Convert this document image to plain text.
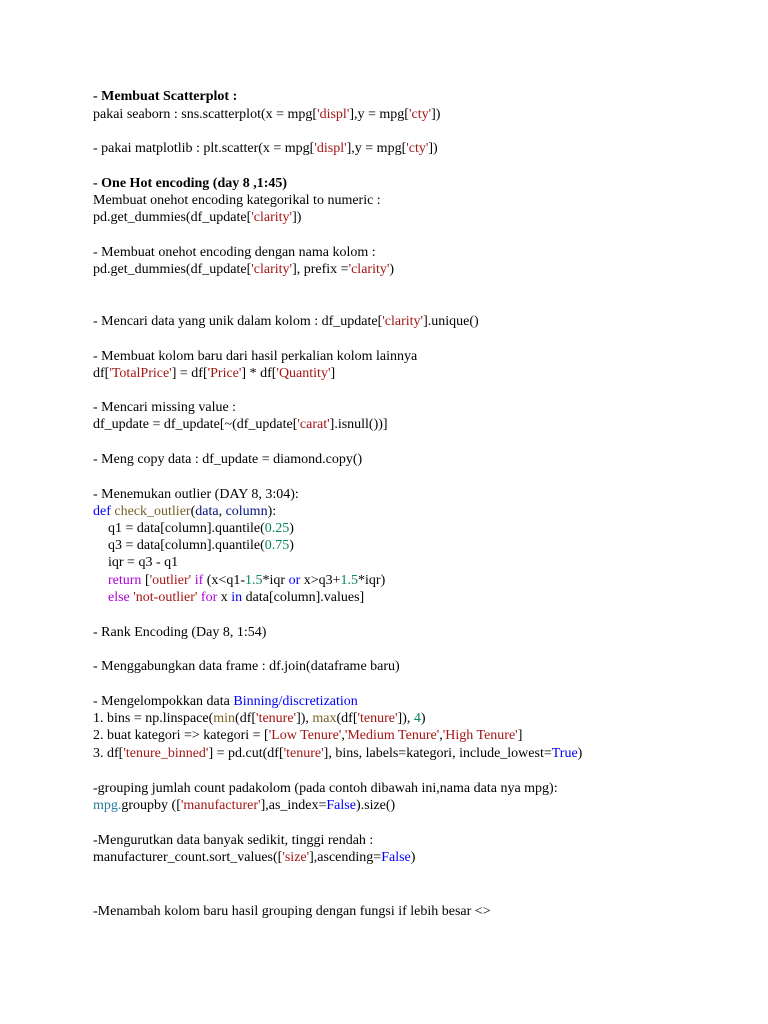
- Membuat Scatterplot :
pakai seaborn : sns.scatterplot(x = mpg['displ'],y = mpg['cty'])
- pakai matplotlib : plt.scatter(x = mpg['displ'],y = mpg['cty'])
- One Hot encoding (day 8 ,1:45)
Membuat onehot encoding kategorikal to numeric :
pd.get_dummies(df_update['clarity'])
- Membuat onehot encoding dengan nama kolom :
pd.get_dummies(df_update['clarity'], prefix ='clarity')
- Mencari data yang unik dalam kolom : df_update['clarity'].unique()
- Membuat kolom baru dari hasil perkalian kolom lainnya
df['TotalPrice'] = df['Price'] * df['Quantity']
- Mencari missing value :
df_update = df_update[~(df_update['carat'].isnull())]
- Meng copy data : df_update = diamond.copy()
- Menemukan outlier (DAY 8, 3:04):
def check_outlier(data, column):
q1 = data[column].quantile(0.25)
q3 = data[column].quantile(0.75)
iqr = q3 - q1
return ['outlier' if (x<q1-1.5*iqr or x>q3+1.5*iqr)
else 'not-outlier' for x in data[column].values]
- Rank Encoding (Day 8, 1:54)
- Menggabungkan data frame : df.join(dataframe baru)
- Mengelompokkan data Binning/discretization
1. bins = np.linspace(min(df['tenure']), max(df['tenure']), 4)
2. buat kategori => kategori = ['Low Tenure','Medium Tenure','High Tenure']
3. df['tenure_binned'] = pd.cut(df['tenure'], bins, labels=kategori, include_lowest=True)
-grouping jumlah count padakolom (pada contoh dibawah ini,nama data nya mpg):
mpg.groupby (['manufacturer'],as_index=False).size()
-Mengurutkan data banyak sedikit, tinggi rendah :
manufacturer_count.sort_values(['size'],ascending=False)
-Menambah kolom baru hasil grouping dengan fungsi if lebih besar <>
